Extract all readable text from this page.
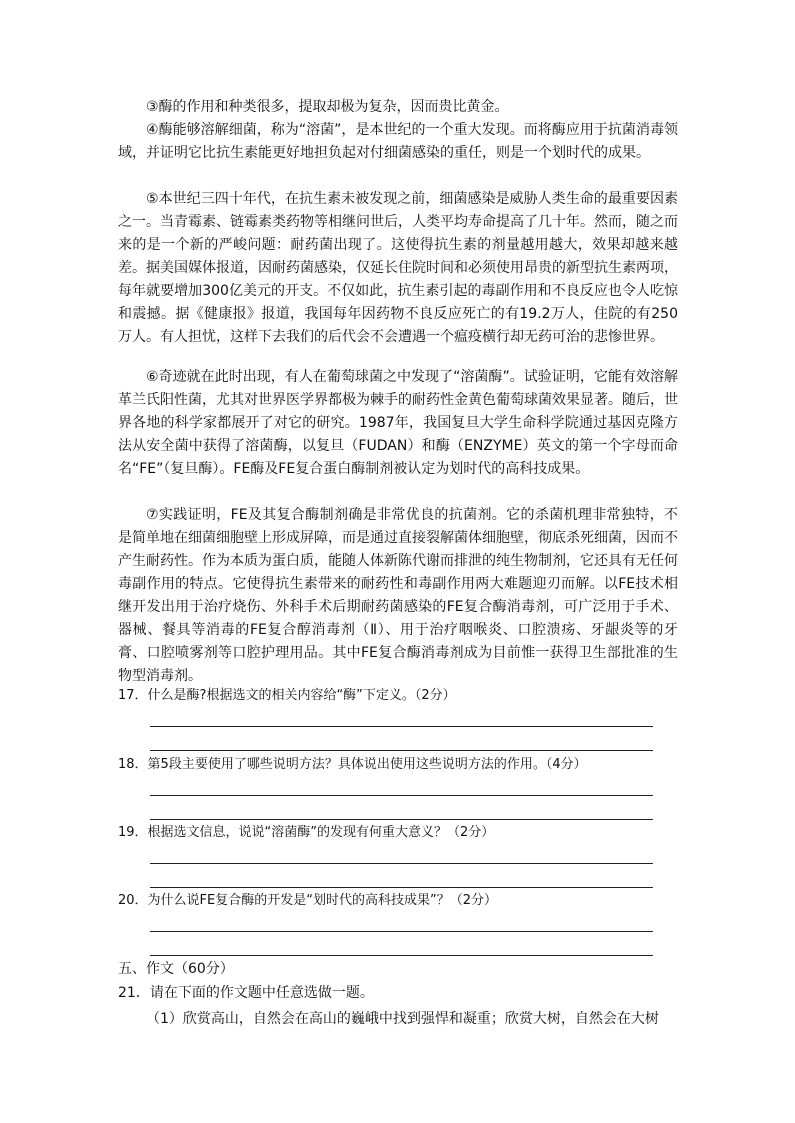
③酶的作用和种类很多，提取却极为复杂，因而贵比黄金。

④酶能够溶解细菌，称为“溶菌”，是本世纪的一个重大发现。而将酶应用于抗菌消毒领域，并证明它比抗生素能更好地担负起对付细菌感染的重任，则是一个划时代的成果。

⑤本世纪三四十年代，在抗生素未被发现之前，细菌感染是威胁人类生命的最重要因素之一。当青霉素、链霉素类药物等相继问世后，人类平均寿命提高了几十年。然而，随之而来的是一个新的严峻问题：耐药菌出现了。这使得抗生素的剂量越用越大，效果却越来越差。据美国媒体报道，因耐药菌感染，仅延长住院时间和必须使用昂贵的新型抗生素两项，每年就要增加300亿美元的开支。不仅如此，抗生素引起的毒副作用和不良反应也令人吃惊和震撼。据《健康报》报道，我国每年因药物不良反应死亡的有19.2万人，住院的有250万人。有人担忧，这样下去我们的后代会不会遭遇一个瘟疫横行却无药可治的悲惨世界。

⑥奇迹就在此时出现，有人在葡萄球菌之中发现了“溶菌酶”。试验证明，它能有效溶解革兰氏阳性菌，尤其对世界医学界都极为棘手的耐药性金黄色葡萄球菌效果显著。随后，世界各地的科学家都展开了对它的研究。1987年，我国复旦大学生命科学院通过基因克隆方法从安全菌中获得了溶菌酶，以复旦（FUDAN）和酶（ENZYME）英文的第一个字母而命名“FE”（复旦酶）。FE酶及FE复合蛋白酶制剂被认定为划时代的高科技成果。

⑦实践证明，FE及其复合酶制剂确是非常优良的抗菌剂。它的杀菌机理非常独特，不是简单地在细菌细胞壁上形成屏障，而是通过直接裂解菌体细胞壁，彻底杀死细菌，因而不产生耐药性。作为本质为蛋白质，能随人体新陈代谢而排泄的纯生物制剂，它还具有无任何毒副作用的特点。它使得抗生素带来的耐药性和毒副作用两大难题迎刃而解。以FE技术相继开发出用于治疗烧伤、外科手术后期耐药菌感染的FE复合酶消毒剂，可广泛用于手术、器械、餐具等消毒的FE复合醇消毒剂（Ⅱ）、用于治疗咽喉炎、口腔溃疡、牙龈炎等的牙膏、口腔喷雾剂等口腔护理用品。其中FE复合酶消毒剂成为目前惟一获得卫生部批准的生物型消毒剂。

17．什么是酶?根据选文的相关内容给“酶”下定义。（2分）

18．第5段主要使用了哪些说明方法？具体说出使用这些说明方法的作用。（4分）

19．根据选文信息，说说“溶菌酶”的发现有何重大意义？（2分）

20．为什么说FE复合酶的开发是“划时代的高科技成果”？（2分）

五、作文（60分）

21．请在下面的作文题中任意选做一题。

（1）欣赏高山，自然会在高山的巍峨中找到强悍和凝重；欣赏大树，自然会在大树
